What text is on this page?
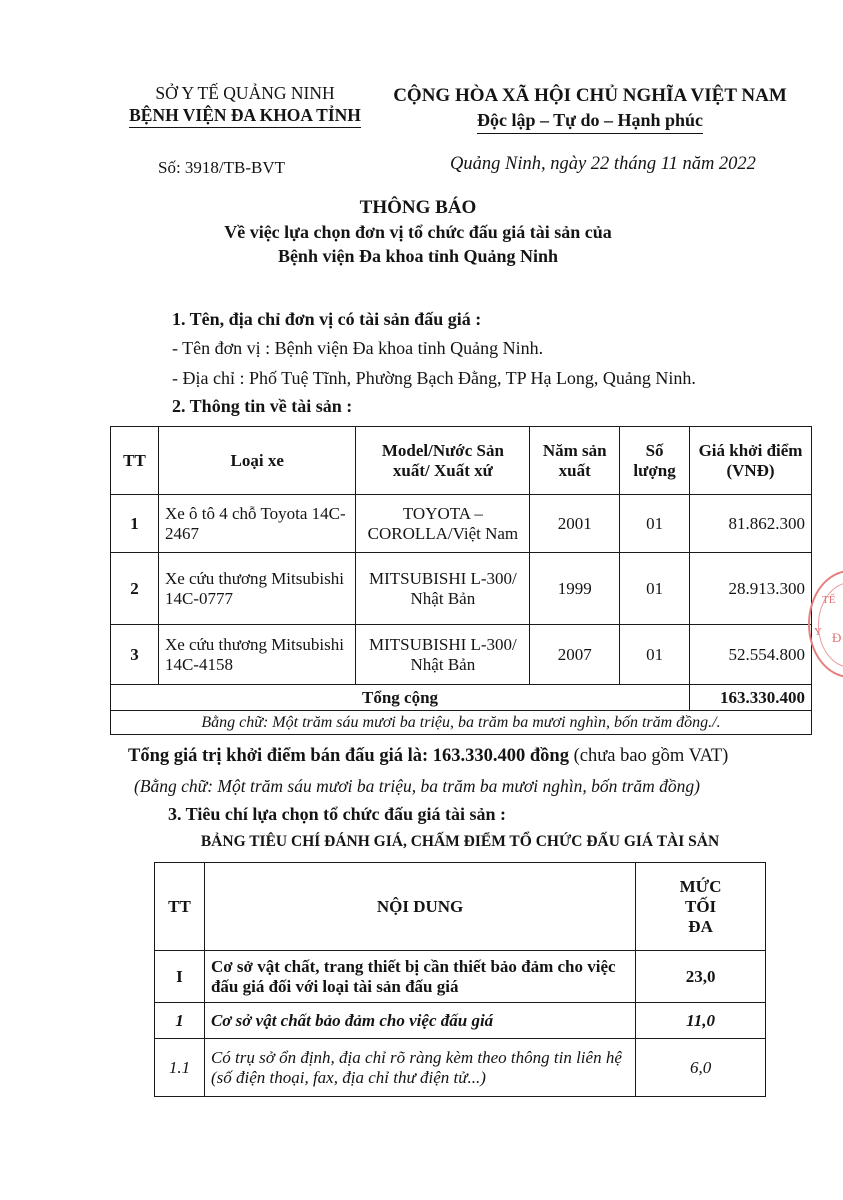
SỞ Y TẾ QUẢNG NINH
BỆNH VIỆN ĐA KHOA TỈNH
CỘNG HÒA XÃ HỘI CHỦ NGHĨA VIỆT NAM
Độc lập – Tự do – Hạnh phúc
Số: 3918/TB-BVT	Quảng Ninh, ngày 22 tháng 11 năm 2022
THÔNG BÁO
Về việc lựa chọn đơn vị tổ chức đấu giá tài sản của
Bệnh viện Đa khoa tỉnh Quảng Ninh
1. Tên, địa chỉ đơn vị có tài sản đấu giá :
- Tên đơn vị : Bệnh viện Đa khoa tỉnh Quảng Ninh.
- Địa chỉ : Phố Tuệ Tĩnh, Phường Bạch Đằng, TP Hạ Long, Quảng Ninh.
2. Thông tin về tài sản :
TT	Loại xe	Model/Nước Sản xuất/ Xuất xứ	Năm sản xuất	Số lượng	Giá khởi điểm (VNĐ)
1	Xe ô tô 4 chỗ Toyota 14C-2467	TOYOTA – COROLLA/Việt Nam	2001	01	81.862.300
2	Xe cứu thương Mitsubishi 14C-0777	MITSUBISHI L-300/ Nhật Bản	1999	01	28.913.300
3	Xe cứu thương Mitsubishi 14C-4158	MITSUBISHI L-300/ Nhật Bản	2007	01	52.554.800
Tổng cộng					163.330.400
Bằng chữ: Một trăm sáu mươi ba triệu, ba trăm ba mươi nghìn, bốn trăm đồng./.					
Tổng giá trị khởi điểm bán đấu giá là: 163.330.400 đồng (chưa bao gồm VAT)
(Bằng chữ: Một trăm sáu mươi ba triệu, ba trăm ba mươi nghìn, bốn trăm đồng)
3. Tiêu chí lựa chọn tổ chức đấu giá tài sản :
BẢNG TIÊU CHÍ ĐÁNH GIÁ, CHẤM ĐIỂM TỔ CHỨC ĐẤU GIÁ TÀI SẢN
TT	NỘI DUNG	MỨC
TỐI
ĐA

I	Cơ sở vật chất, trang thiết bị cần thiết bảo đảm cho việc đấu giá đối với loại tài sản đấu giá	23,0
1	Cơ sở vật chất bảo đảm cho việc đấu giá	11,0
1.1	Có trụ sở ổn định, địa chỉ rõ ràng kèm theo thông tin liên hệ (số điện thoại, fax, địa chỉ thư điện tử...)	6,0
TẾ
Đ
Y
